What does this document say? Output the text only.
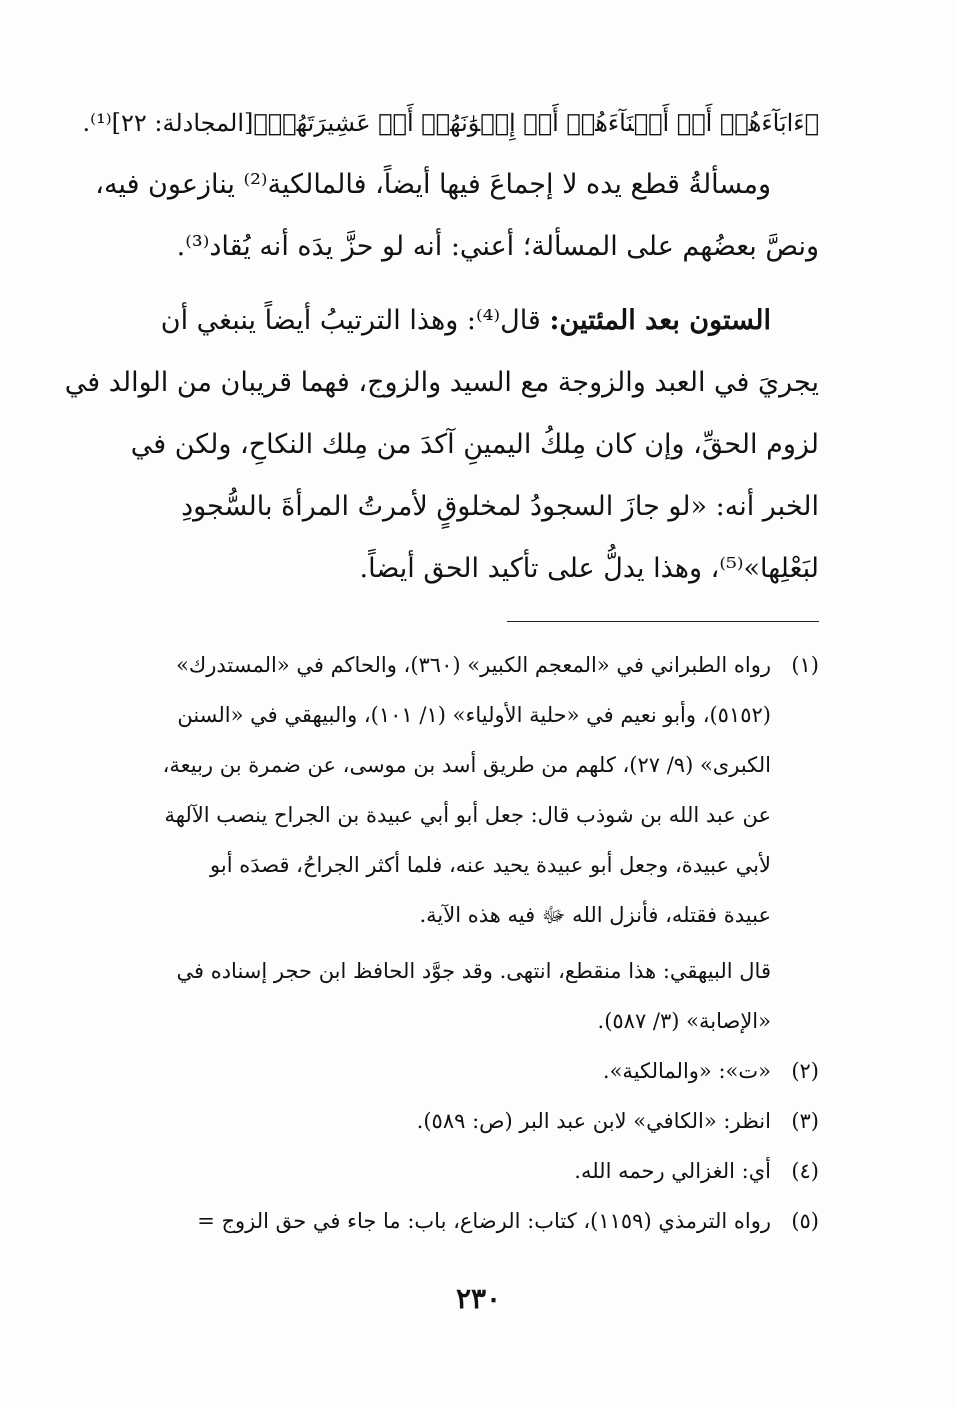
﴿ءَابَآءَهُمۡ أَوۡ أَبۡنَآءَهُمۡ أَوۡ إِخۡوَٰنَهُمۡ أَوۡ عَشِيرَتَهُمۡ﴾[المجادلة: ٢٢]⁽¹⁾.
ومسألةُ قطع يده لا إجماعَ فيها أيضاً، فالمالكية⁽²⁾ ينازعون فيه،
ونصَّ بعضُهم على المسألة؛ أعني: أنه لو حزَّ يدَه أنه يُقاد⁽³⁾.
الستون بعد المئتين: قال⁽⁴⁾: وهذا الترتيبُ أيضاً ينبغي أن
يجريَ في العبد والزوجة مع السيد والزوج، فهما قريبان من الوالد في
لزوم الحقِّ، وإن كان مِلكُ اليمينِ آكدَ من مِلك النكاحِ، ولكن في
الخبر أنه: «لو جازَ السجودُ لمخلوقٍ لأمرتُ المرأةَ بالسُّجودِ
لبَعْلِها»⁽⁵⁾، وهذا يدلُّ على تأكيد الحق أيضاً.
(١)رواه الطبراني في «المعجم الكبير» (٣٦٠)، والحاكم في «المستدرك»
(٥١٥٢)، وأبو نعيم في «حلية الأولياء» (١/ ١٠١)، والبيهقي في «السنن
الكبرى» (٩/ ٢٧)، كلهم من طريق أسد بن موسى، عن ضمرة بن ربيعة،
عن عبد الله بن شوذب قال: جعل أبو أبي عبيدة بن الجراح ينصب الآلهة
لأبي عبيدة، وجعل أبو عبيدة يحيد عنه، فلما أكثر الجراحُ، قصدَه أبو
عبيدة فقتله، فأنزل الله ﷻ فيه هذه الآية.
قال البيهقي: هذا منقطع، انتهى. وقد جوَّد الحافظ ابن حجر إسناده في
«الإصابة» (٣/ ٥٨٧).
(٢)«ت»: «والمالكية».
(٣)انظر: «الكافي» لابن عبد البر (ص: ٥٨٩).
(٤)أي: الغزالي رحمه الله.
(٥)رواه الترمذي (١١٥٩)، كتاب: الرضاع، باب: ما جاء في حق الزوج =
٢٣٠
